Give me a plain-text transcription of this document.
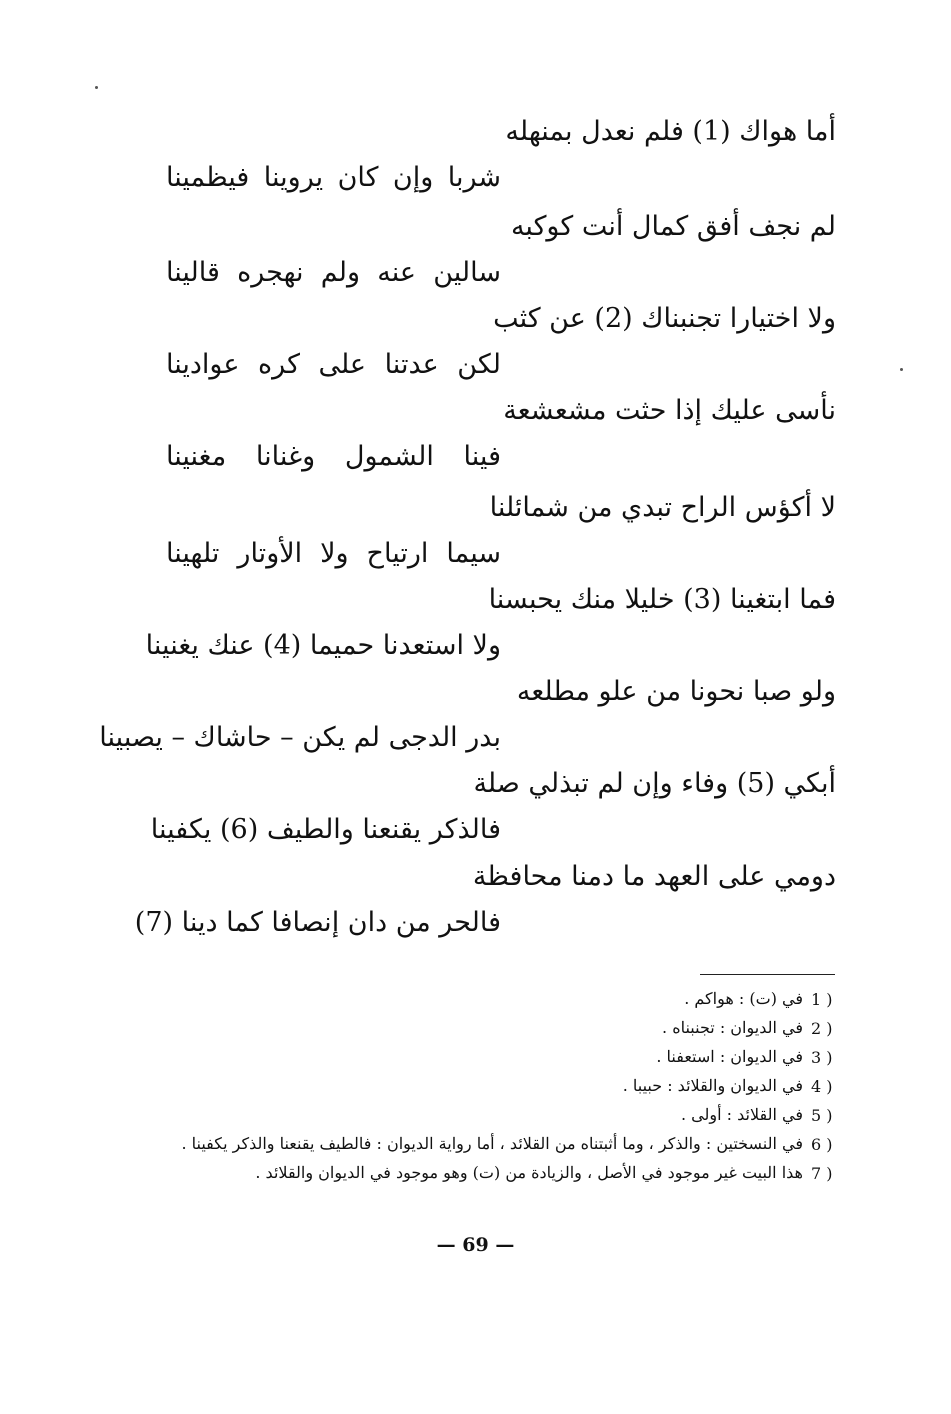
أما هواك (1) فلم نعدل بمنهله
شربا وإن كان يروينا فيظمينا
لم نجف أفق كمال أنت كوكبه
سالين عنه ولم نهجره قالينا
ولا اختيارا تجنبناك (2) عن كثب
لكن عدتنا على كره عوادينا
نأسى عليك إذا حثت مشعشعة
فينا الشمول وغنانا مغنينا
لا أكؤس الراح تبدي من شمائلنا
سيما ارتياح ولا الأوتار تلهينا
فما ابتغينا (3) خليلا منك يحبسنا
ولا استعدنا حميما (4) عنك يغنينا
ولو صبا نحونا من علو مطلعه
بدر الدجى لم يكن – حاشاك – يصبينا
أبكي (5) وفاء وإن لم تبذلي صلة
فالذكر يقنعنا والطيف (6) يكفينا
دومي على العهد ما دمنا محافظة
فالحر من دان إنصافا كما دينا (7)
1 )
في (ت) : هواكم .
2 )
في الديوان : تجنبناه .
3 )
في الديوان : استعفنا .
4 )
في الديوان والقلائد : حبيبا .
5 )
في القلائد : أولى .
6 )
في النسختين : والذكر ، وما أثبتناه من القلائد ، أما رواية الديوان : فالطيف يقنعنا والذكر يكفينا .
7 )
هذا البيت غير موجود في الأصل ، والزيادة من (ت) وهو موجود في الديوان والقلائد .
— 69 —
